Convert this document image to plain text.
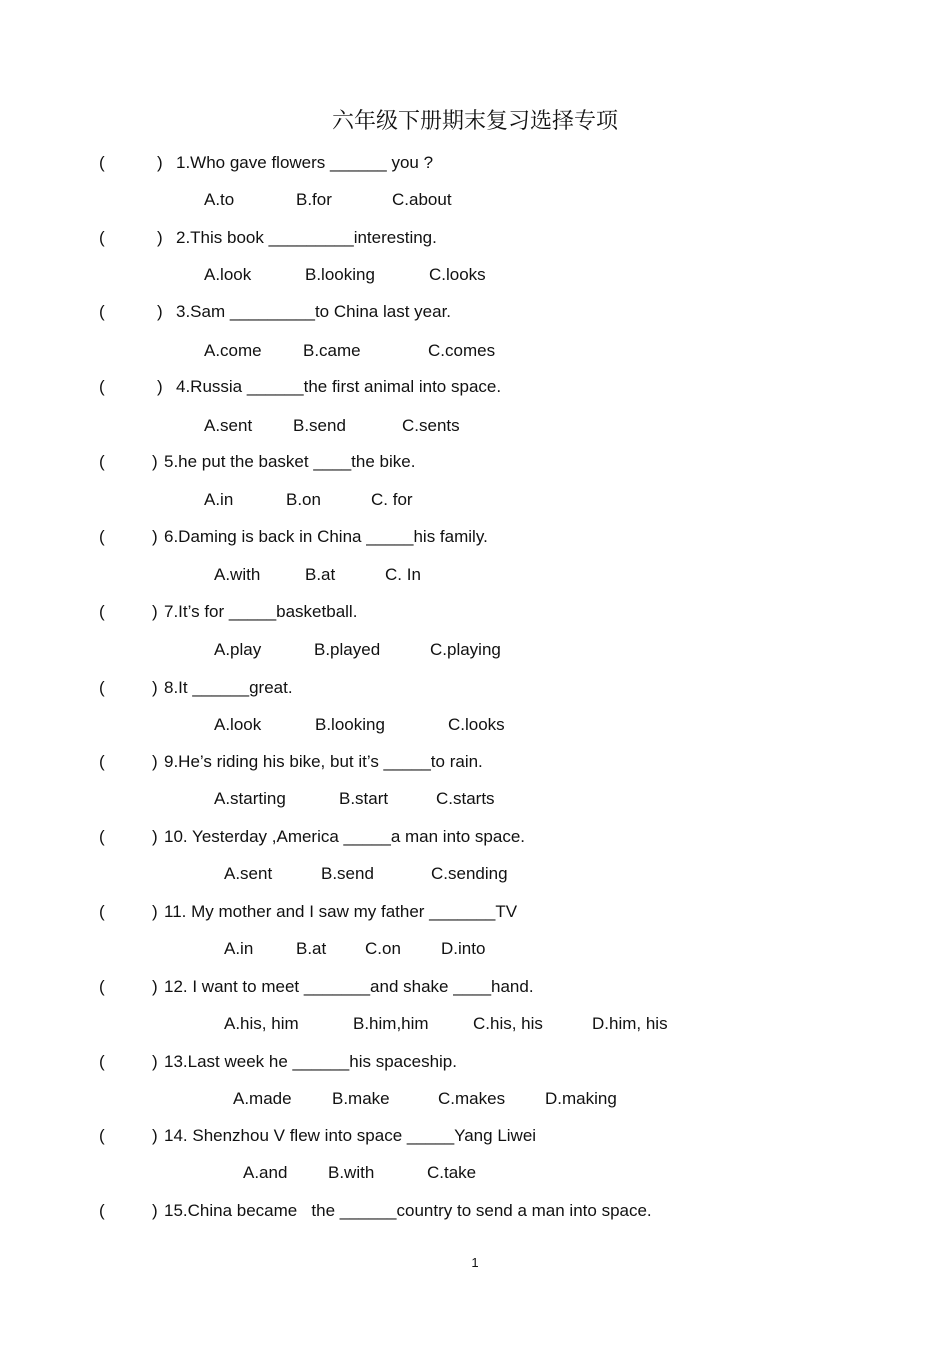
六年级下册期末复习选择专项
(	) 1.Who gave flowers ______ you ?
A.to	B.for	C.about
(	) 2.This book _________interesting.
A.look	B.looking	C.looks
(	) 3.Sam _________to China last year.
A.come B.came	C.comes
(	) 4.Russia ______the first animal into space.
A.sent B.send	C.sents
(	) 5.he put the basket ____the bike.
A.in	B.on	C. for
(	) 6.Daming is back in China _____his family.
A.with	B.at	C. In
(	) 7.It’s for _____basketball.
A.play	B.played	C.playing
(	) 8.It ______great.
A.look	B.looking	C.looks
(	) 9.He’s riding his bike, but it’s _____to rain.
A.starting	B.start	C.starts
(	) 10. Yesterday ,America _____a man into space.
A.sent	B.send	C.sending
(	) 11. My mother and I saw my father _______TV
A.in	B.at C.on D.into
(	) 12. I want to meet _______and shake ____hand.
A.his, him	B.him,him	C.his, his	D.him, his
(	) 13.Last week he ______his spaceship.
A.made B.make	C.makes D.making
(	) 14. Shenzhou V flew into space _____Yang Liwei
A.and B.with	C.take
(	) 15.China became   the ______country to send a man into space.
1
